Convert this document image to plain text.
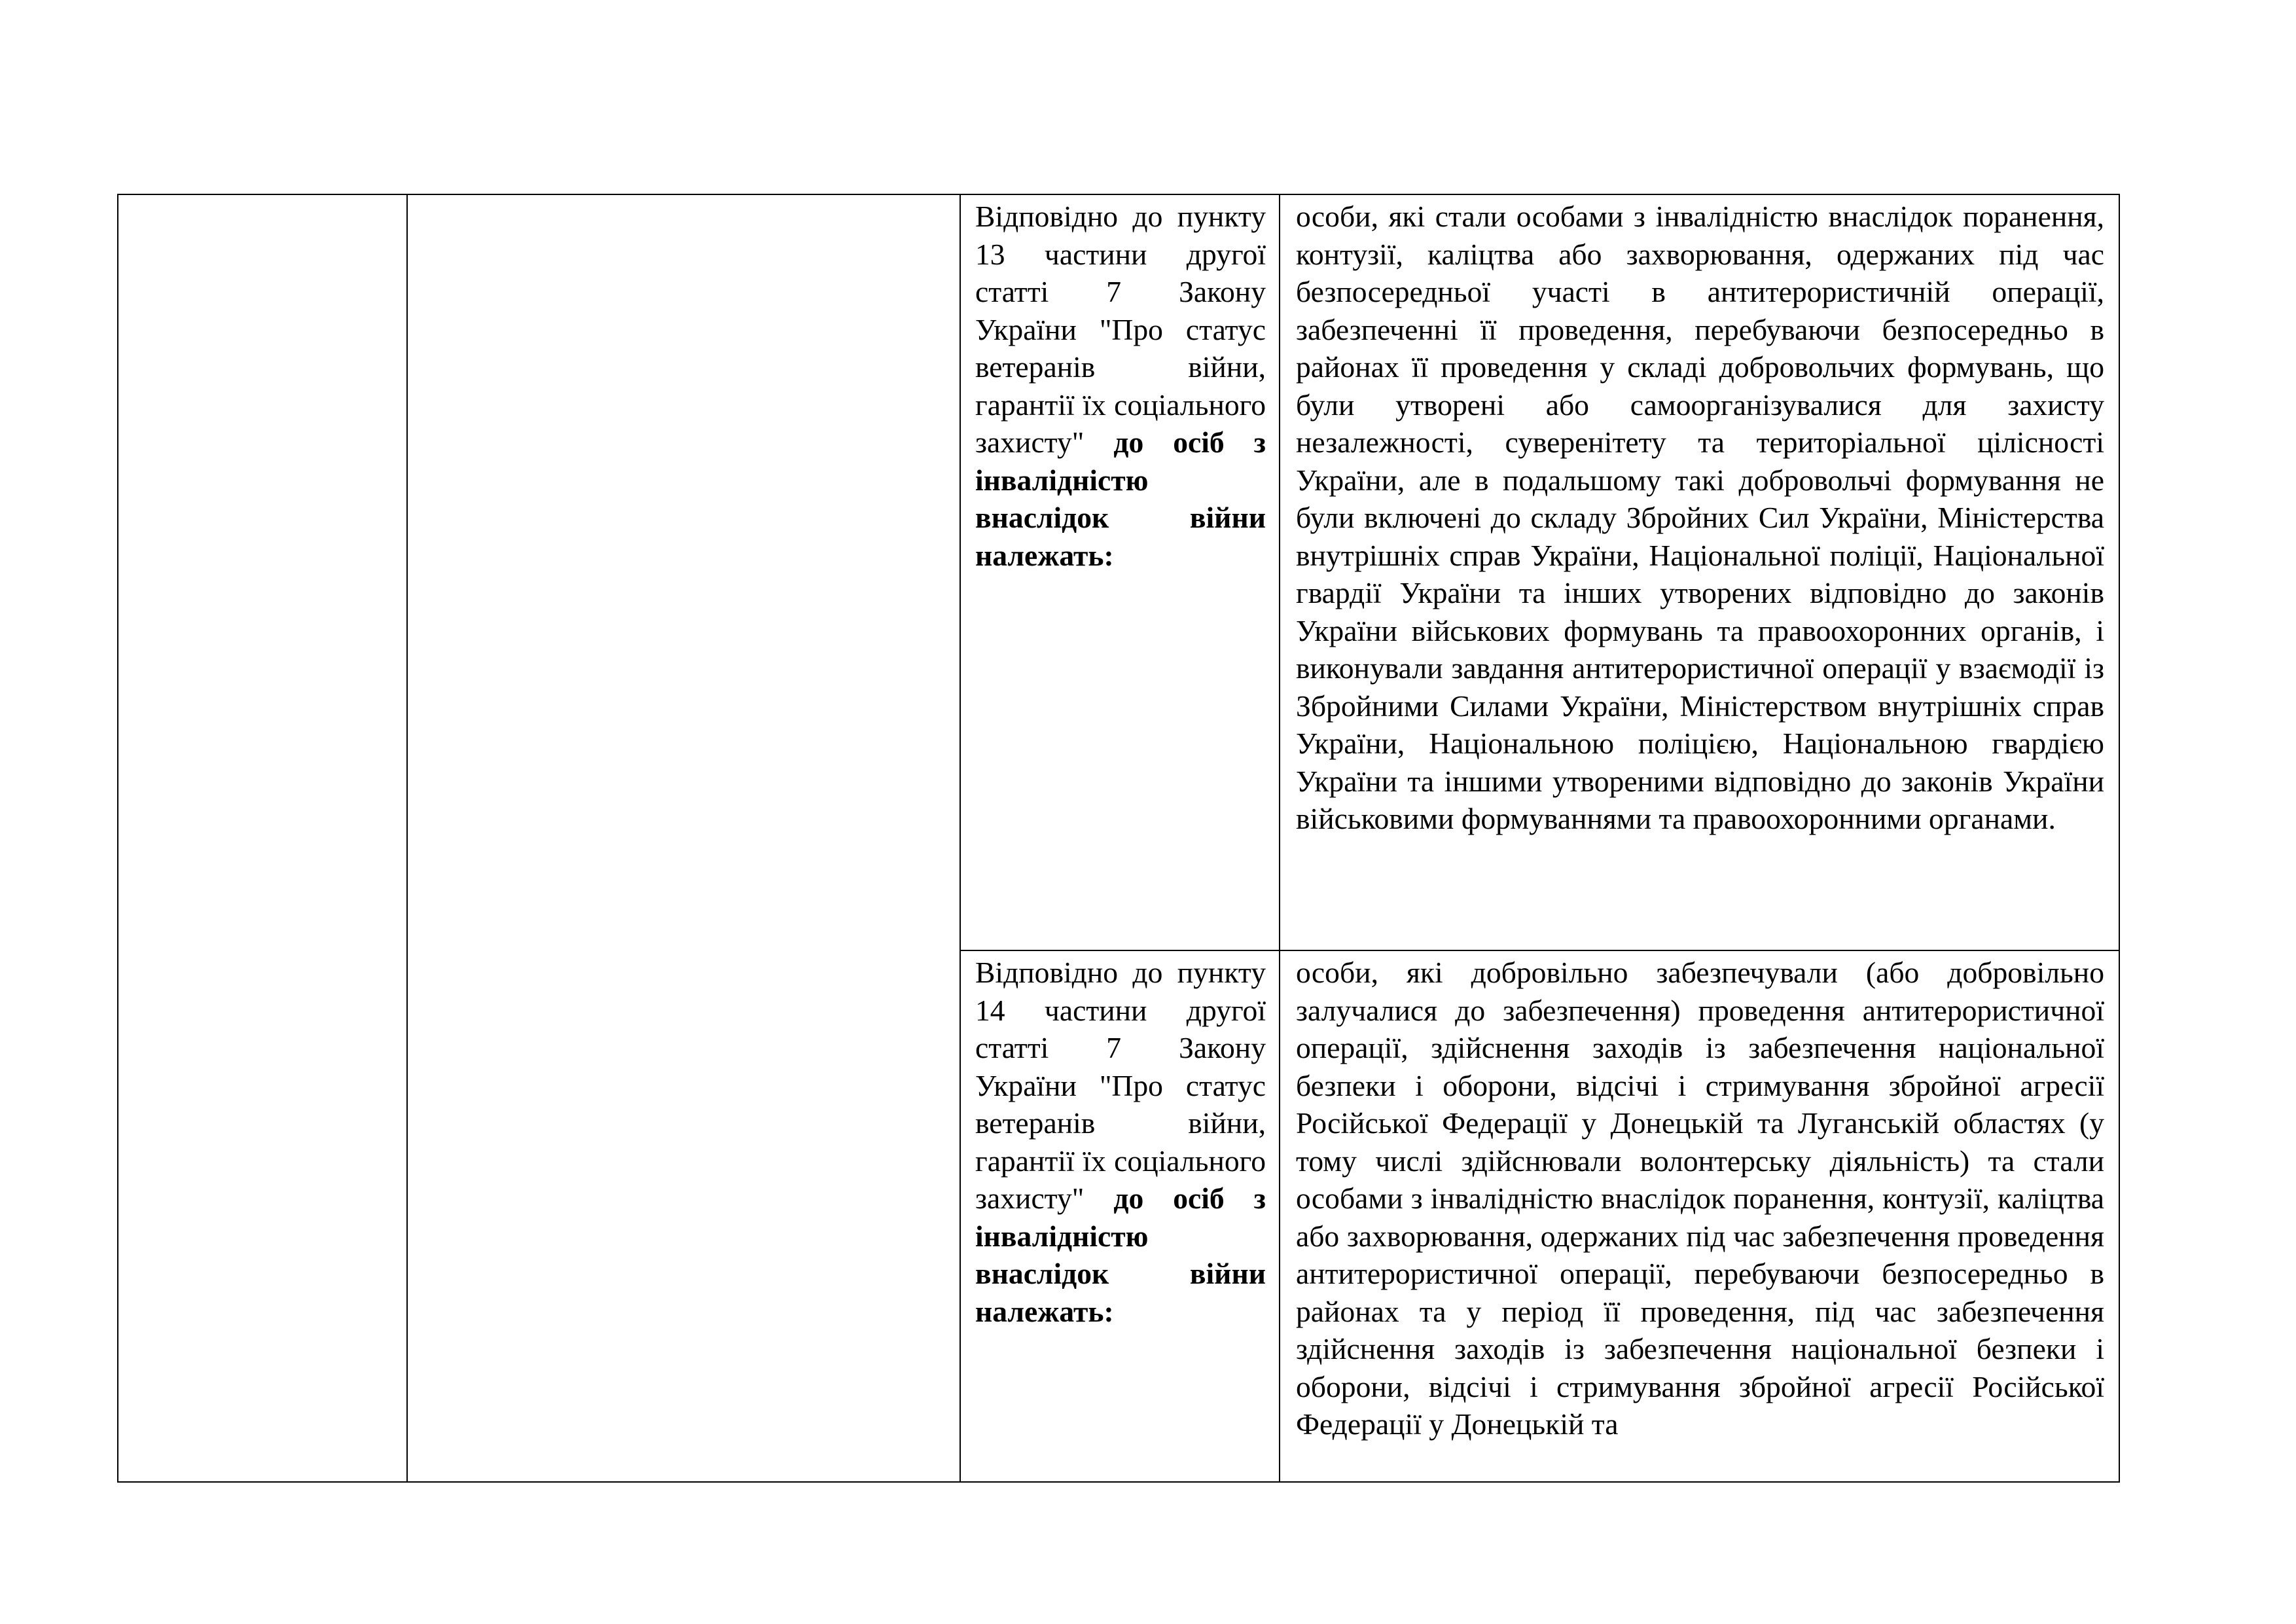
		Відповідно до пункту 13 частини другої статті 7 Закону України "Про статус ветеранів війни, гарантії їх соціального захисту" до осіб з інвалідністю внаслідок війни належать:	особи, які стали особами з інвалідністю внаслідок поранення, контузії, каліцтва або захворювання, одержаних під час безпосередньої участі в антитерористичній операції, забезпеченні її проведення, перебуваючи безпосередньо в районах її проведення у складі добровольчих формувань, що були утворені або самоорганізувалися для захисту незалежності, суверенітету та територіальної цілісності України, але в подальшому такі добровольчі формування не були включені до складу Збройних Сил України, Міністерства внутрішніх справ України, Національної поліції, Національної гвардії України та інших утворених відповідно до законів України військових формувань та правоохоронних органів, і виконували завдання антитерористичної операції у взаємодії із Збройними Силами України, Міністерством внутрішніх справ України, Національною поліцією, Національною гвардією України та іншими утвореними відповідно до законів України військовими формуваннями та правоохоронними органами.

		Відповідно до пункту 14 частини другої статті 7 Закону України "Про статус ветеранів війни, гарантії їх соціального захисту" до осіб з інвалідністю внаслідок війни належать:	особи, які добровільно забезпечували (або добровільно залучалися до забезпечення) проведення антитерористичної операції, здійснення заходів із забезпечення національної безпеки і оборони, відсічі і стримування збройної агресії Російської Федерації у Донецькій та Луганській областях (у тому числі здійснювали волонтерську діяльність) та стали особами з інвалідністю внаслідок поранення, контузії, каліцтва або захворювання, одержаних під час забезпечення проведення антитерористичної операції, перебуваючи безпосередньо в районах та у період її проведення, під час забезпечення здійснення заходів із забезпечення національної безпеки і оборони, відсічі і стримування збройної агресії Російської Федерації у Донецькій та
